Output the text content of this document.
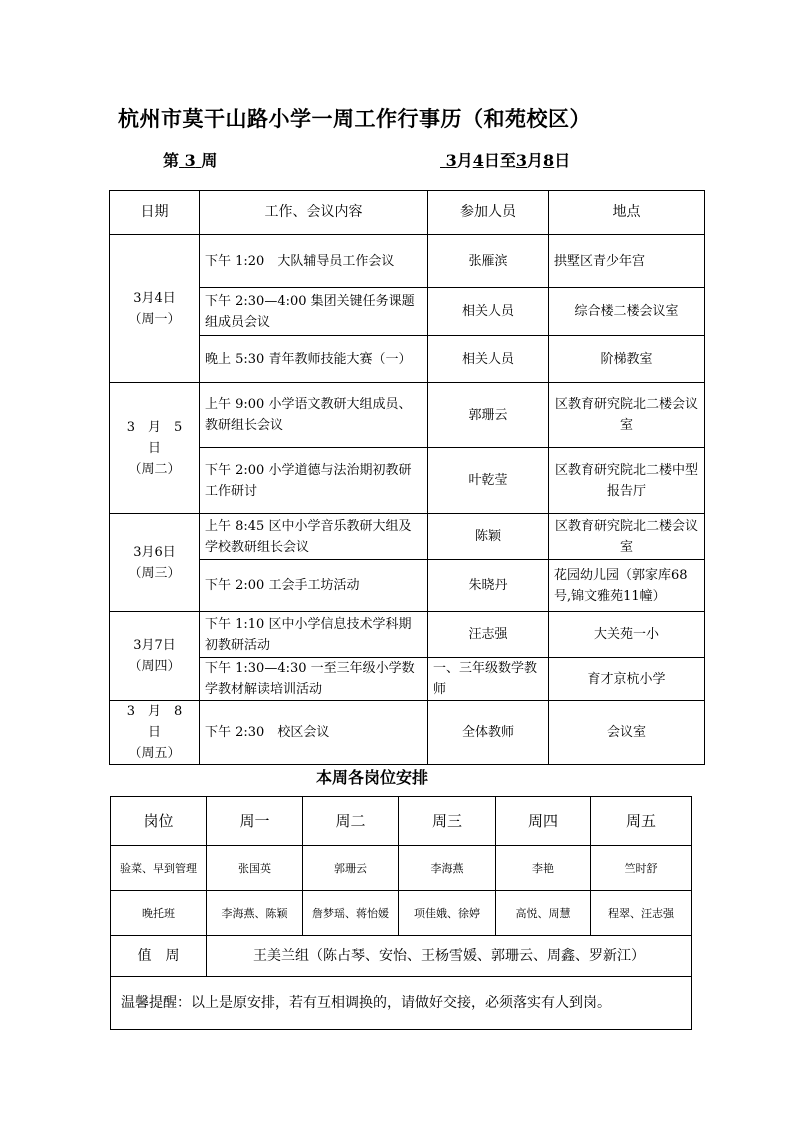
杭州市莫干山路小学一周工作行事历（和苑校区）
第 3 周	3月4日至3月8日
日期	工作、会议内容	参加人员	地点

3月4日
（周一）	下午 1:20　大队辅导员工作会议	张雁滨	拱墅区青少年宫
	下午 2:30—4:00 集团关键任务课题组成员会议	相关人员	综合楼二楼会议室
	晚上 5:30 青年教师技能大赛（一）	相关人员	阶梯教室

3　月　5　日
（周二）	上午 9:00 小学语文教研大组成员、教研组长会议	郭珊云	区教育研究院北二楼会议室
	下午 2:00 小学道德与法治期初教研工作研讨	叶乾莹	区教育研究院北二楼中型报告厅

3月6日
（周三）	上午 8:45 区中小学音乐教研大组及学校教研组长会议	陈颖	区教育研究院北二楼会议室
	下午 2:00 工会手工坊活动	朱晓丹	花园幼儿园（郭家库68号,锦文雅苑11幢）

3月7日
（周四）	下午 1:10 区中小学信息技术学科期初教研活动	汪志强	大关苑一小
	下午 1:30—4:30 一至三年级小学数学教材解读培训活动	一、三年级数学教师	育才京杭小学

3　月　8　日
（周五）	下午 2:30　校区会议	全体教师	会议室
本周各岗位安排
岗位	周一	周二	周三	周四	周五
验菜、早到管理	张国英	郭珊云	李海燕	李艳	竺时舒
晚托班	李海燕、陈颖	詹梦瑶、蒋怡媛	项佳娥、徐婷	高悦、周慧	程翠、汪志强
值　周	王美兰组（陈占琴、安怡、王杨雪媛、郭珊云、周鑫、罗新江）				
温馨提醒：以上是原安排，若有互相调换的，请做好交接，必须落实有人到岗。					
